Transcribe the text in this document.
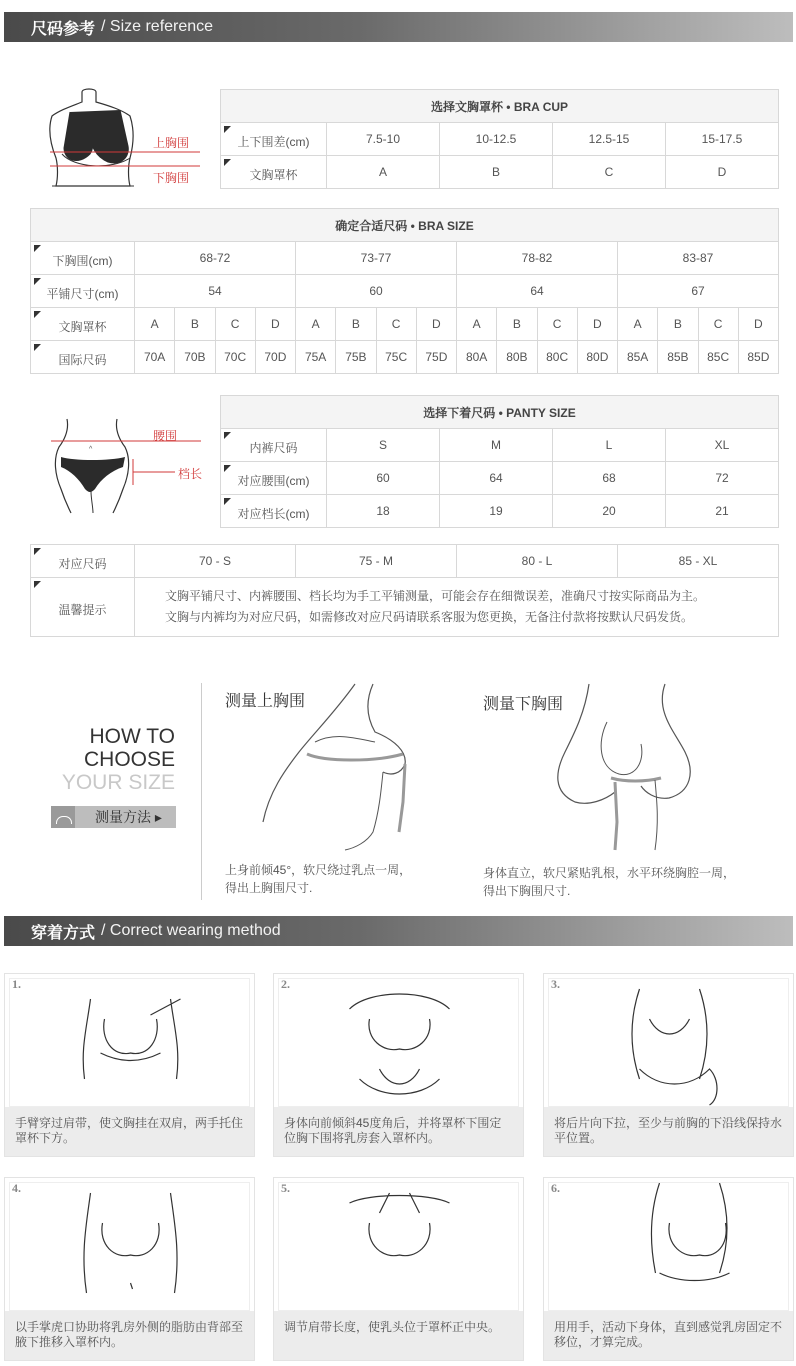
尺码参考 / Size reference
上胸围
下胸围
选择文胸罩杯 • BRA CUP				
上下围差(cm)	7.5-10	10-12.5	12.5-15	15-17.5
文胸罩杯	A	B	C	D
确定合适尺码 • BRA SIZE																
下胸围(cm)	68-72				73-77				78-82				83-87			
平铺尺寸(cm)	54				60				64				67			
文胸罩杯	A	B	C	D	A	B	C	D	A	B	C	D	A	B	C	D
国际尺码	70A	70B	70C	70D	75A	75B	75C	75D	80A	80B	80C	80D	85A	85B	85C	85D
^
腰围
档长
选择下着尺码 • PANTY SIZE				
内裤尺码	S	M	L	XL
对应腰围(cm)	60	64	68	72
对应档长(cm)	18	19	20	21
对应尺码	70 - S	75 - M	80 - L	85 - XL
温馨提示	文胸平铺尺寸、内裤腰围、档长均为手工平铺测量，可能会存在细微误差，准确尺寸按实际商品为主。
文胸与内裤均为对应尺码，如需修改对应尺码请联系客服为您更换，无备注付款将按默认尺码发货。			
HOW TO
CHOOSE
YOUR SIZE
测量方法 ▸
测量上胸围
上身前倾45°，软尺绕过乳点一周，
得出上胸围尺寸.
测量下胸围
身体直立，软尺紧贴乳根，水平环绕胸腔一周，
得出下胸围尺寸.
穿着方式 / Correct wearing method
1.
手臂穿过肩带，使文胸挂在双肩，两手托住罩杯下方。
2.
身体向前倾斜45度角后，并将罩杯下围定位胸下围将乳房套入罩杯内。
3.
将后片向下拉，至少与前胸的下沿线保持水平位置。
4.
以手掌虎口协助将乳房外侧的脂肪由背部至腋下推移入罩杯内。
5.
调节肩带长度，使乳头位于罩杯正中央。
6.
用用手，活动下身体，直到感觉乳房固定不移位，才算完成。
